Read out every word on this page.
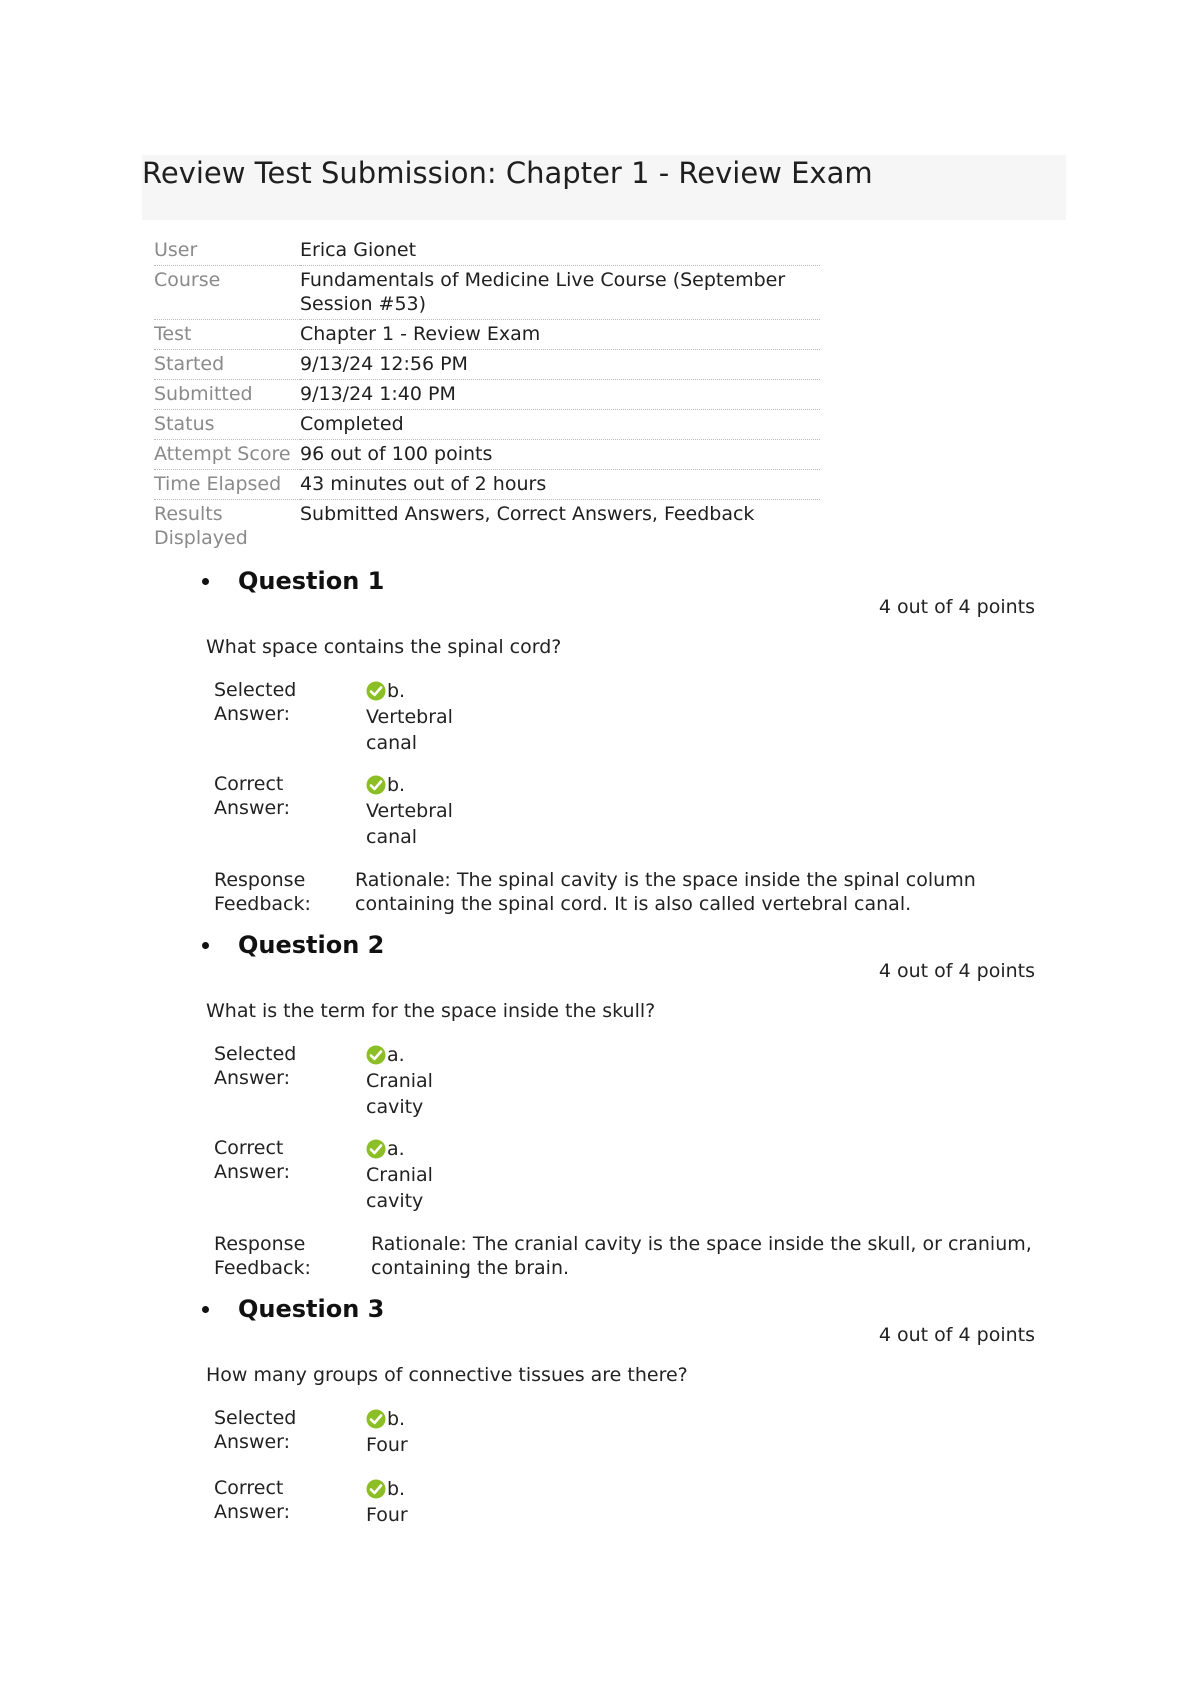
Review Test Submission: Chapter 1 - Review Exam
User	Erica Gionet
Course	Fundamentals of Medicine Live Course (September Session #53)
Test	Chapter 1 - Review Exam
Started	9/13/24 12:56 PM
Submitted	9/13/24 1:40 PM
Status	Completed
Attempt Score	96 out of 100 points
Time Elapsed	43 minutes out of 2 hours
Results Displayed	Submitted Answers, Correct Answers, Feedback
Question 1
4 out of 4 points
What space contains the spinal cord?
Selected Answer:
b.
Vertebral canal
Correct Answer:
b.
Vertebral canal
Response Feedback:
Rationale: The spinal cavity is the space inside the spinal column containing the spinal cord. It is also called vertebral canal.
Question 2
4 out of 4 points
What is the term for the space inside the skull?
Selected Answer:
a.
Cranial cavity
Correct Answer:
a.
Cranial cavity
Response Feedback:
Rationale: The cranial cavity is the space inside the skull, or cranium, containing the brain.
Question 3
4 out of 4 points
How many groups of connective tissues are there?
Selected Answer:
b.
Four
Correct Answer:
b.
Four
